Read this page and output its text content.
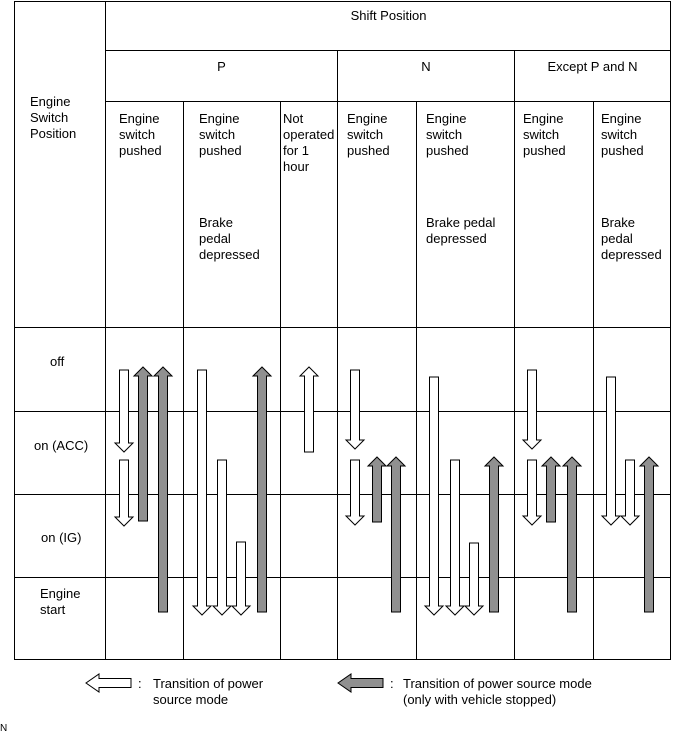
Engine
Switch
Position
Shift Position
P	N	Except P and N
Engine
switch
pushed
Engine
switch
pushed
Brake
pedal
depressed
Not
operated
for 1
hour
Engine
switch
pushed
Engine
switch
pushed
Brake pedal
depressed
Engine
switch
pushed
Engine
switch
pushed
Brake
pedal
depressed
off
on (ACC)
on (IG)
Engine
start
: Transition of power
source mode
: Transition of power source mode
(only with vehicle stopped)
N
